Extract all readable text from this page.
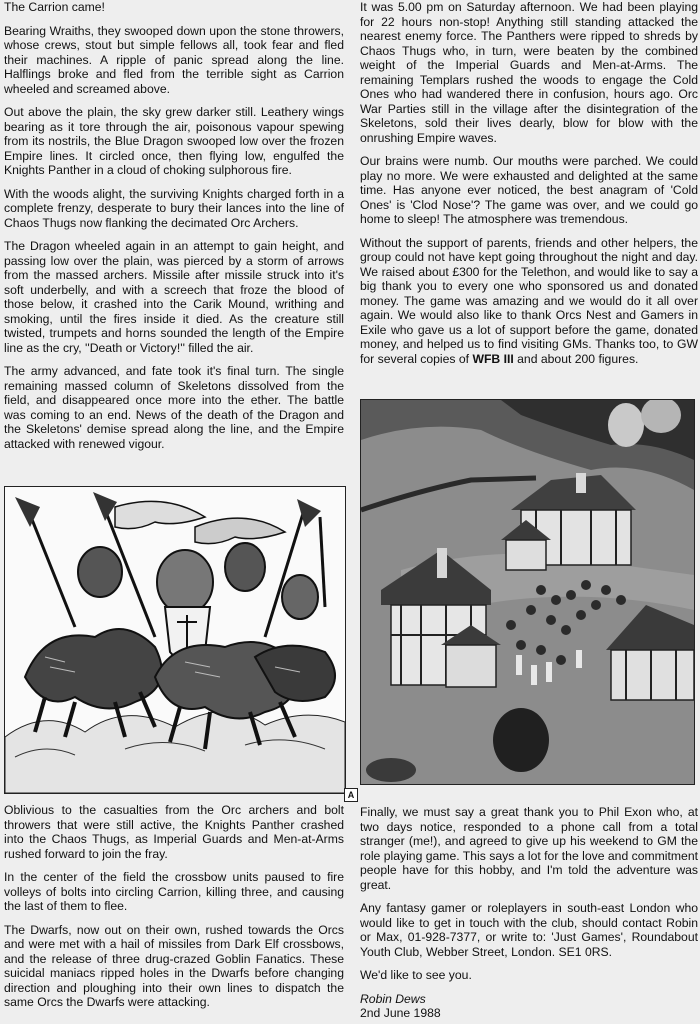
The Carrion came!

Bearing Wraiths, they swooped down upon the stone throwers, whose crews, stout but simple fellows all, took fear and fled their machines. A ripple of panic spread along the line. Halflings broke and fled from the terrible sight as Carrion wheeled and screamed above.

Out above the plain, the sky grew darker still. Leathery wings bearing as it tore through the air, poisonous vapour spewing from its nostrils, the Blue Dragon swooped low over the frozen Empire lines. It circled once, then flying low, engulfed the Knights Panther in a cloud of choking sulphorous fire.

With the woods alight, the surviving Knights charged forth in a complete frenzy, desperate to bury their lances into the line of Chaos Thugs now flanking the decimated Orc Archers.

The Dragon wheeled again in an attempt to gain height, and passing low over the plain, was pierced by a storm of arrows from the massed archers. Missile after missile struck into it's soft underbelly, and with a screech that froze the blood of those below, it crashed into the Carik Mound, writhing and smoking, until the fires inside it died. As the creature still twisted, trumpets and horns sounded the length of the Empire line as the cry, ''Death or Victory!'' filled the air.

The army advanced, and fate took it's final turn. The single remaining massed column of Skeletons dissolved from the field, and disappeared once more into the ether. The battle was coming to an end. News of the death of the Dragon and the Skeletons' demise spread along the line, and the Empire attacked with renewed vigour.

It was 5.00 pm on Saturday afternoon. We had been playing for 22 hours non-stop! Anything still standing attacked the nearest enemy force. The Panthers were ripped to shreds by Chaos Thugs who, in turn, were beaten by the combined weight of the Imperial Guards and Men-at-Arms. The remaining Templars rushed the woods to engage the Cold Ones who had wandered there in confusion, hours ago. Orc War Parties still in the village after the disintegration of the Skeletons, sold their lives dearly, blow for blow with the onrushing Empire waves.

Our brains were numb. Our mouths were parched. We could play no more. We were exhausted and delighted at the same time. Has anyone ever noticed, the best anagram of 'Cold Ones' is 'Clod Nose'? The game was over, and we could go home to sleep! The atmosphere was tremendous.

Without the support of parents, friends and other helpers, the group could not have kept going throughout the night and day. We raised about £300 for the Telethon, and would like to say a big thank you to every one who sponsored us and donated money. The game was amazing and we would do it all over again. We would also like to thank Orcs Nest and Gamers in Exile who gave us a lot of support before the game, donated money, and helped us to find visiting GMs. Thanks too, to GW for several copies of WFB III and about 200 figures.

A

Oblivious to the casualties from the Orc archers and bolt throwers that were still active, the Knights Panther crashed into the Chaos Thugs, as Imperial Guards and Men-at-Arms rushed forward to join the fray.

In the center of the field the crossbow units paused to fire volleys of bolts into circling Carrion, killing three, and causing the last of them to flee.

The Dwarfs, now out on their own, rushed towards the Orcs and were met with a hail of missiles from Dark Elf crossbows, and the release of three drug-crazed Goblin Fanatics. These suicidal maniacs ripped holes in the Dwarfs before changing direction and ploughing into their own lines to dispatch the same Orcs the Dwarfs were attacking.

Finally, we must say a great thank you to Phil Exon who, at two days notice, responded to a phone call from a total stranger (me!), and agreed to give up his weekend to GM the role playing game. This says a lot for the love and commitment people have for this hobby, and I'm told the adventure was great.

Any fantasy gamer or roleplayers in south-east London who would like to get in touch with the club, should contact Robin or Max, 01-928-7377, or write to: 'Just Games', Roundabout Youth Club, Webber Street, London. SE1 0RS.

We'd like to see you.

Robin Dews

2nd June 1988
